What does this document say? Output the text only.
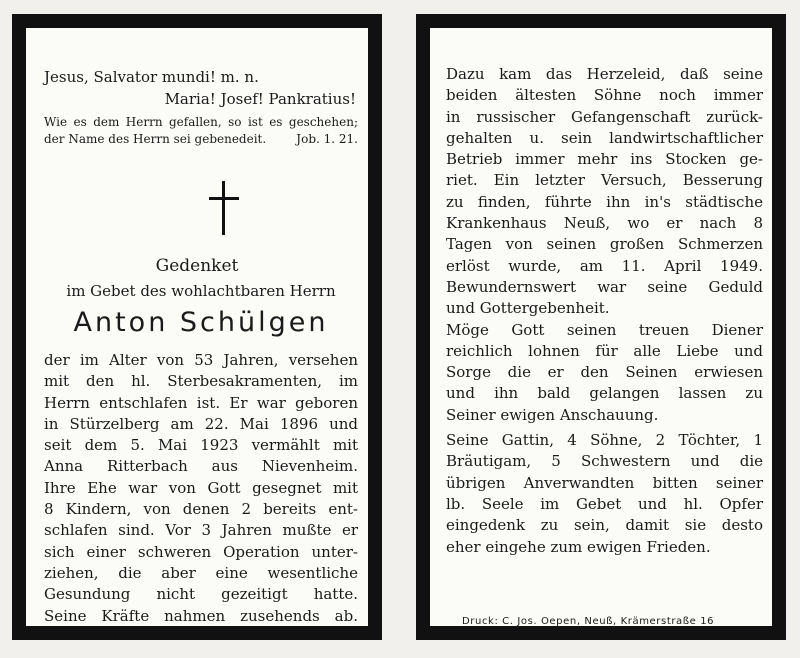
Jesus, Salvator mundi! m. n.
Maria! Josef! Pankratius!
Wie es dem Herrn gefallen, so ist es geschehen; der Name des Herrn sei gebenedeit.	Job. 1. 21.
Gedenket
im Gebet des wohlachtbaren Herrn
Anton Schülgen
der im Alter von 53 Jahren, versehen
mit den hl. Sterbesakramenten, im
Herrn entschlafen ist. Er war geboren
in Stürzelberg am 22. Mai 1896 und
seit dem 5. Mai 1923 vermählt mit
Anna Ritterbach aus Nievenheim.
Ihre Ehe war von Gott gesegnet mit
8 Kindern, von denen 2 bereits ent-
schlafen sind. Vor 3 Jahren mußte er
sich einer schweren Operation unter-
ziehen, die aber eine wesentliche
Gesundung nicht gezeitigt hatte.
Seine Kräfte nahmen zusehends ab.
Dazu kam das Herzeleid, daß seine
beiden ältesten Söhne noch immer
in russischer Gefangenschaft zurück-
gehalten u. sein landwirtschaftlicher
Betrieb immer mehr ins Stocken ge-
riet. Ein letzter Versuch, Besserung
zu finden, führte ihn in's städtische
Krankenhaus Neuß, wo er nach 8
Tagen von seinen großen Schmerzen
erlöst wurde, am 11. April 1949.
Bewundernswert war seine Geduld
und Gottergebenheit.
Möge Gott seinen treuen Diener
reichlich lohnen für alle Liebe und
Sorge die er den Seinen erwiesen
und ihn bald gelangen lassen zu
Seiner ewigen Anschauung.
Seine Gattin, 4 Söhne, 2 Töchter, 1
Bräutigam, 5 Schwestern und die
übrigen Anverwandten bitten seiner
lb. Seele im Gebet und hl. Opfer
eingedenk zu sein, damit sie desto
eher eingehe zum ewigen Frieden.
Druck: C. Jos. Oepen, Neuß, Krämerstraße 16
